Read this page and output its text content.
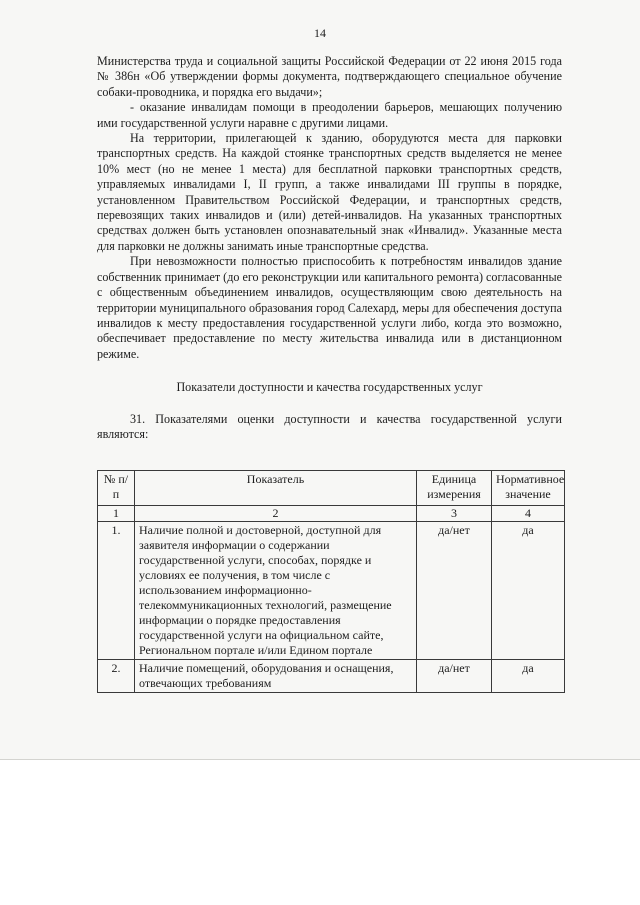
14

Министерства труда и социальной защиты Российской Федерации от 22 июня 2015 года № 386н «Об утверждении формы документа, подтверждающего специальное обучение собаки-проводника, и порядка его выдачи»;

- оказание инвалидам помощи в преодолении барьеров, мешающих получению ими государственной услуги наравне с другими лицами.

На территории, прилегающей к зданию, оборудуются места для парковки транспортных средств. На каждой стоянке транспортных средств выделяется не менее 10% мест (но не менее 1 места) для бесплатной парковки транспортных средств, управляемых инвалидами I, II групп, а также инвалидами III группы в порядке, установленном Правительством Российской Федерации, и транспортных средств, перевозящих таких инвалидов и (или) детей-инвалидов. На указанных транспортных средствах должен быть установлен опознавательный знак «Инвалид». Указанные места для парковки не должны занимать иные транспортные средства.

При невозможности полностью приспособить к потребностям инвалидов здание собственник принимает (до его реконструкции или капитального ремонта) согласованные с общественным объединением инвалидов, осуществляющим свою деятельность на территории муниципального образования город Салехард, меры для обеспечения доступа инвалидов к месту предоставления государственной услуги либо, когда это возможно, обеспечивает предоставление по месту жительства инвалида или в дистанционном режиме.

Показатели доступности и качества государственных услуг

31. Показателями оценки доступности и качества государственной услуги являются:

№ п/п	Показатель	Единица измерения	Нормативное значение
1	2	3	4
1.	Наличие полной и достоверной, доступной для заявителя информации о содержании государственной услуги, способах, порядке и условиях ее получения, в том числе с использованием информационно-телекоммуникационных технологий, размещение информации о порядке предоставления государственной услуги на официальном сайте, Региональном портале и/или Едином портале	да/нет	да
2.	Наличие помещений, оборудования и оснащения, отвечающих требованиям	да/нет	да
